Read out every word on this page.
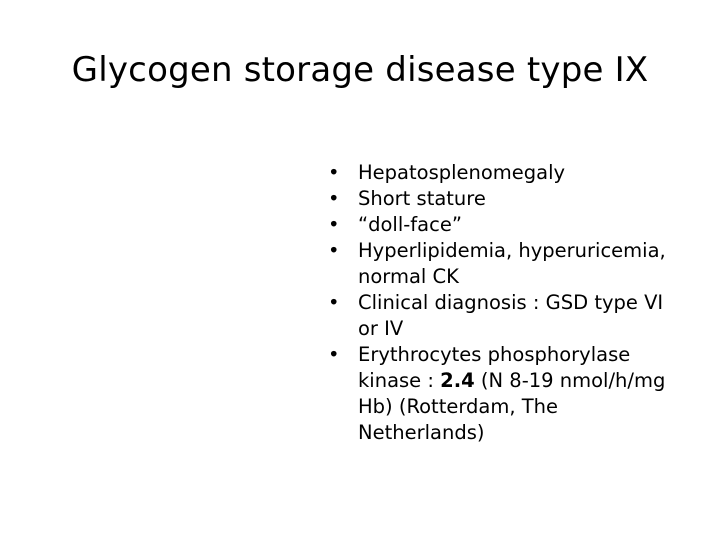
Glycogen storage disease type IX
• Hepatosplenomegaly
• Short stature
• “doll-face”
• Hyperlipidemia, hyperuricemia,
normal CK
• Clinical diagnosis : GSD type VI
or IV
• Erythrocytes phosphorylase
kinase : 2.4 (N 8-19 nmol/h/mg
Hb) (Rotterdam, The
Netherlands)
